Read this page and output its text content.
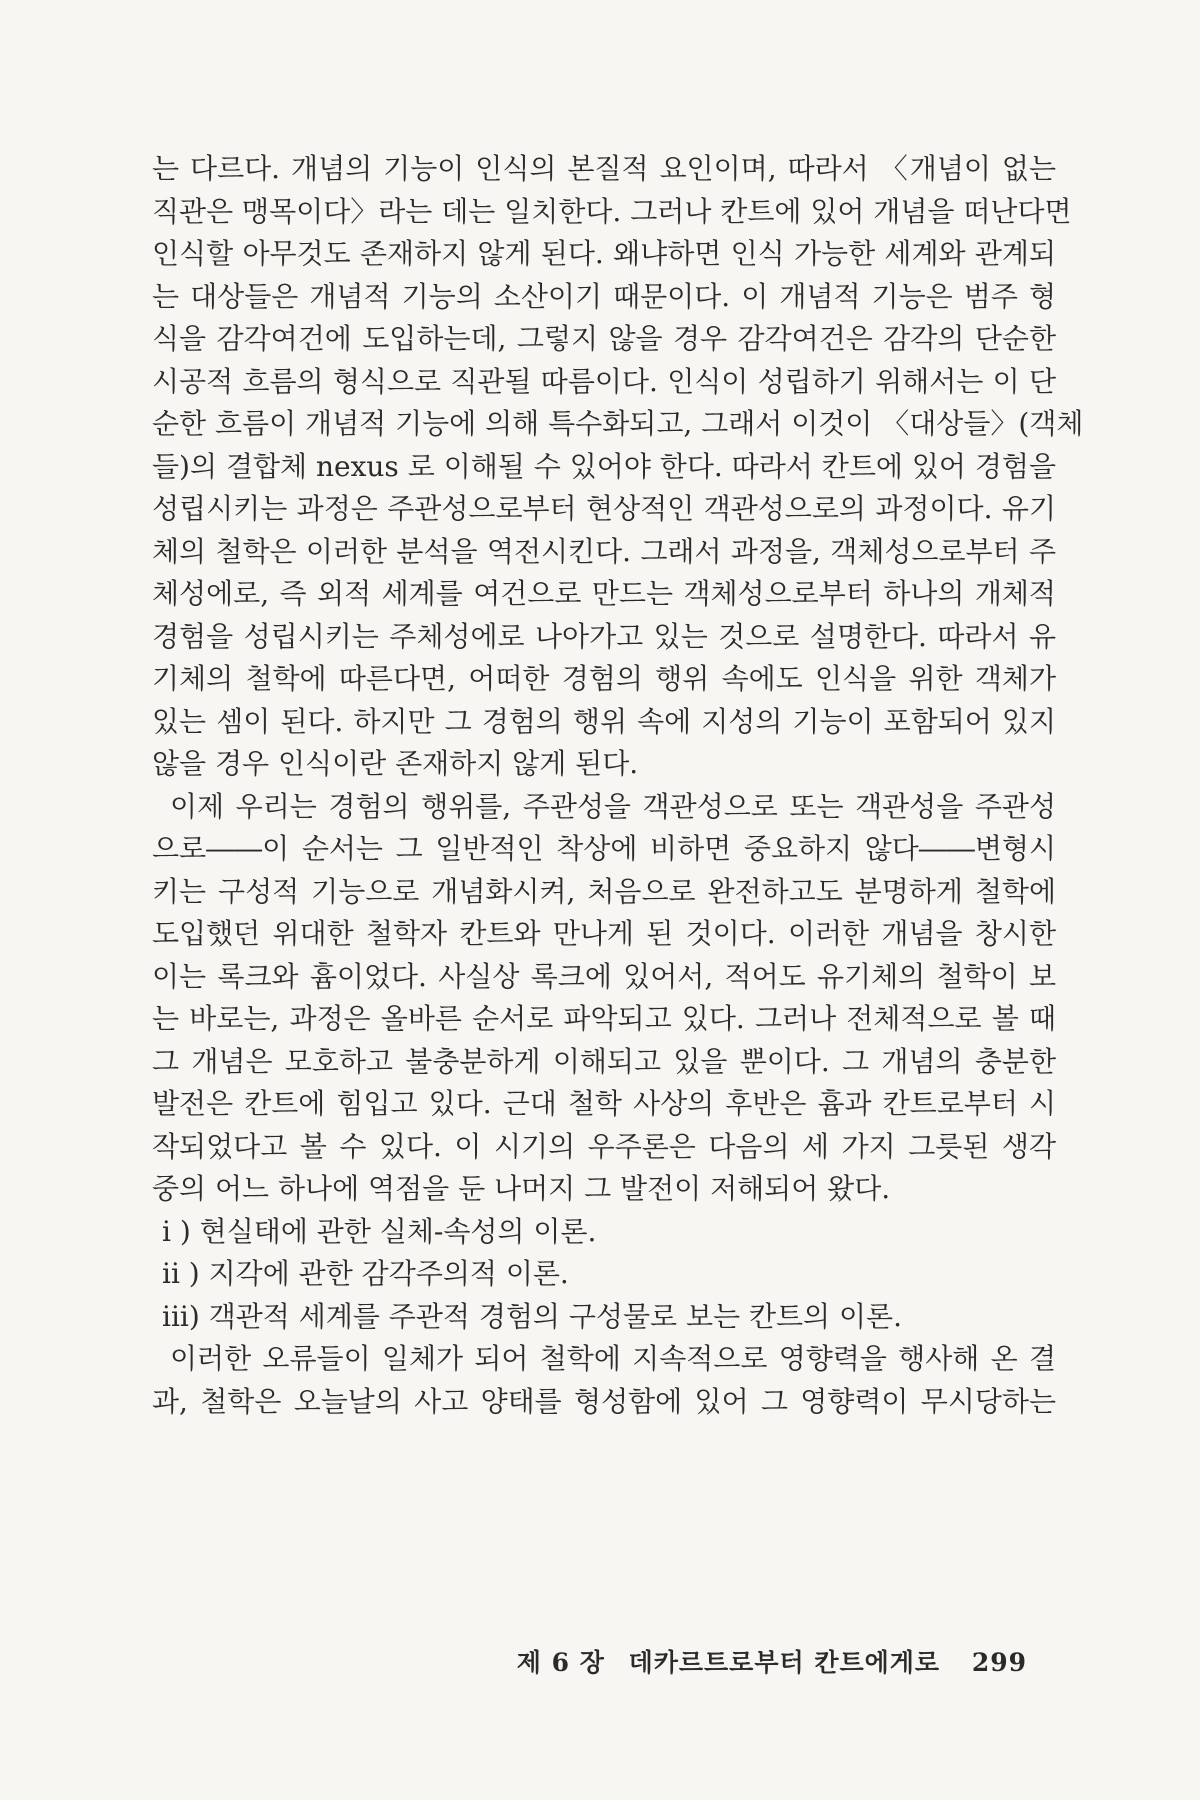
는 다르다. 개념의 기능이 인식의 본질적 요인이며, 따라서 〈개념이 없는
직관은 맹목이다〉라는 데는 일치한다. 그러나 칸트에 있어 개념을 떠난다면
인식할 아무것도 존재하지 않게 된다. 왜냐하면 인식 가능한 세계와 관계되
는 대상들은 개념적 기능의 소산이기 때문이다. 이 개념적 기능은 범주 형
식을 감각여건에 도입하는데, 그렇지 않을 경우 감각여건은 감각의 단순한
시공적 흐름의 형식으로 직관될 따름이다. 인식이 성립하기 위해서는 이 단
순한 흐름이 개념적 기능에 의해 특수화되고, 그래서 이것이 〈대상들〉(객체
들)의 결합체 nexus 로 이해될 수 있어야 한다. 따라서 칸트에 있어 경험을
성립시키는 과정은 주관성으로부터 현상적인 객관성으로의 과정이다. 유기
체의 철학은 이러한 분석을 역전시킨다. 그래서 과정을, 객체성으로부터 주
체성에로, 즉 외적 세계를 여건으로 만드는 객체성으로부터 하나의 개체적
경험을 성립시키는 주체성에로 나아가고 있는 것으로 설명한다. 따라서 유
기체의 철학에 따른다면, 어떠한 경험의 행위 속에도 인식을 위한 객체가
있는 셈이 된다. 하지만 그 경험의 행위 속에 지성의 기능이 포함되어 있지
않을 경우 인식이란 존재하지 않게 된다.
이제 우리는 경험의 행위를, 주관성을 객관성으로 또는 객관성을 주관성
으로――이 순서는 그 일반적인 착상에 비하면 중요하지 않다――변형시
키는 구성적 기능으로 개념화시켜, 처음으로 완전하고도 분명하게 철학에
도입했던 위대한 철학자 칸트와 만나게 된 것이다. 이러한 개념을 창시한
이는 록크와 흄이었다. 사실상 록크에 있어서, 적어도 유기체의 철학이 보
는 바로는, 과정은 올바른 순서로 파악되고 있다. 그러나 전체적으로 볼 때
그 개념은 모호하고 불충분하게 이해되고 있을 뿐이다. 그 개념의 충분한
발전은 칸트에 힘입고 있다. 근대 철학 사상의 후반은 흄과 칸트로부터 시
작되었다고 볼 수 있다. 이 시기의 우주론은 다음의 세 가지 그릇된 생각
중의 어느 하나에 역점을 둔 나머지 그 발전이 저해되어 왔다.
i ) 현실태에 관한 실체-속성의 이론.
ii ) 지각에 관한 감각주의적 이론.
iii) 객관적 세계를 주관적 경험의 구성물로 보는 칸트의 이론.
이러한 오류들이 일체가 되어 철학에 지속적으로 영향력을 행사해 온 결
과, 철학은 오늘날의 사고 양태를 형성함에 있어 그 영향력이 무시당하는
제 6 장 데카르트로부터 칸트에게로 299
